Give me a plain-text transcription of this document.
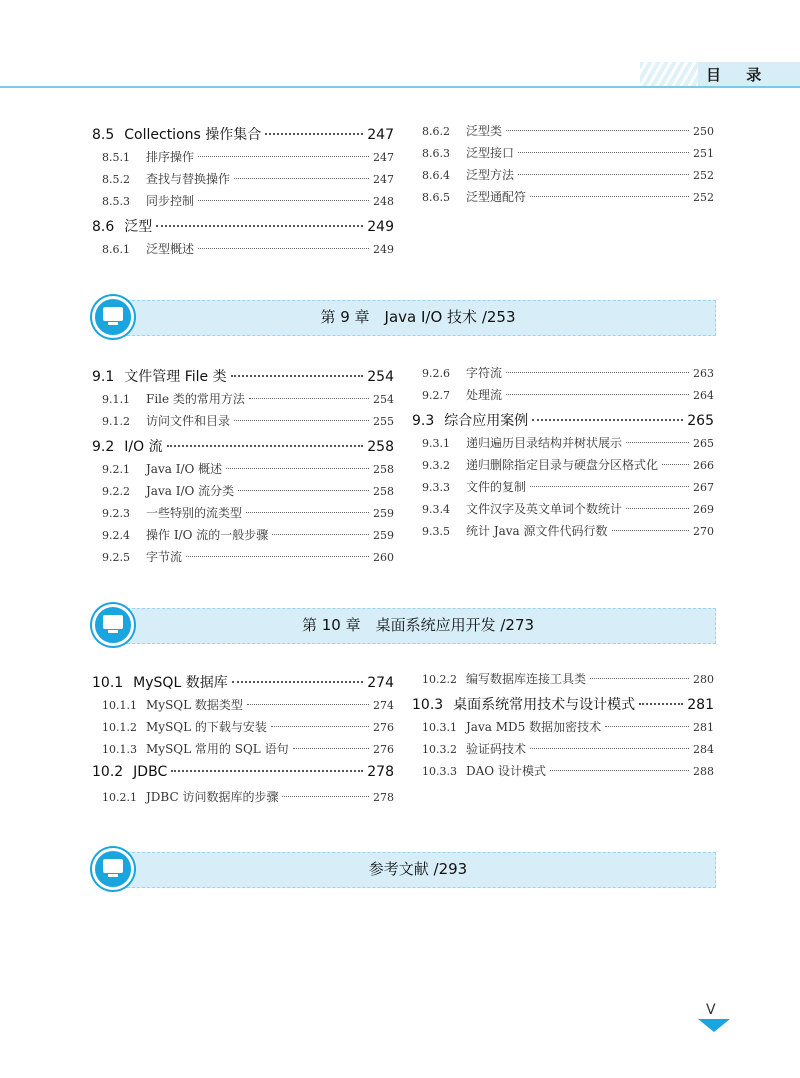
目 录
8.5 Collections 操作集合	247
8.5.1	排序操作	247
8.5.2	查找与替换操作	247
8.5.3	同步控制	248
8.6 泛型	249
8.6.1	泛型概述	249
8.6.2	泛型类	250
8.6.3	泛型接口	251
8.6.4	泛型方法	252
8.6.5	泛型通配符	252
第 9 章　Java I/O 技术 /253
9.1 文件管理 File 类	254
9.1.1	File 类的常用方法	254
9.1.2	访问文件和目录	255
9.2 I/O 流	258
9.2.1	Java I/O 概述	258
9.2.2	Java I/O 流分类	258
9.2.3	一些特别的流类型	259
9.2.4	操作 I/O 流的一般步骤	259
9.2.5	字节流	260
9.2.6	字符流	263
9.2.7	处理流	264
9.3 综合应用案例	265
9.3.1	递归遍历目录结构并树状展示	265
9.3.2	递归删除指定目录与硬盘分区格式化	266
9.3.3	文件的复制	267
9.3.4	文件汉字及英文单词个数统计	269
9.3.5	统计 Java 源文件代码行数	270
第 10 章　桌面系统应用开发 /273
10.1 MySQL 数据库	274
10.1.1 MySQL 数据类型	274
10.1.2 MySQL 的下载与安装	276
10.1.3 MySQL 常用的 SQL 语句	276
10.2 JDBC	278
10.2.1 JDBC 访问数据库的步骤	278
10.2.2 编写数据库连接工具类	280
10.3 桌面系统常用技术与设计模式	281
10.3.1 Java MD5 数据加密技术	281
10.3.2 验证码技术	284
10.3.3 DAO 设计模式	288
参考文献 /293
V
